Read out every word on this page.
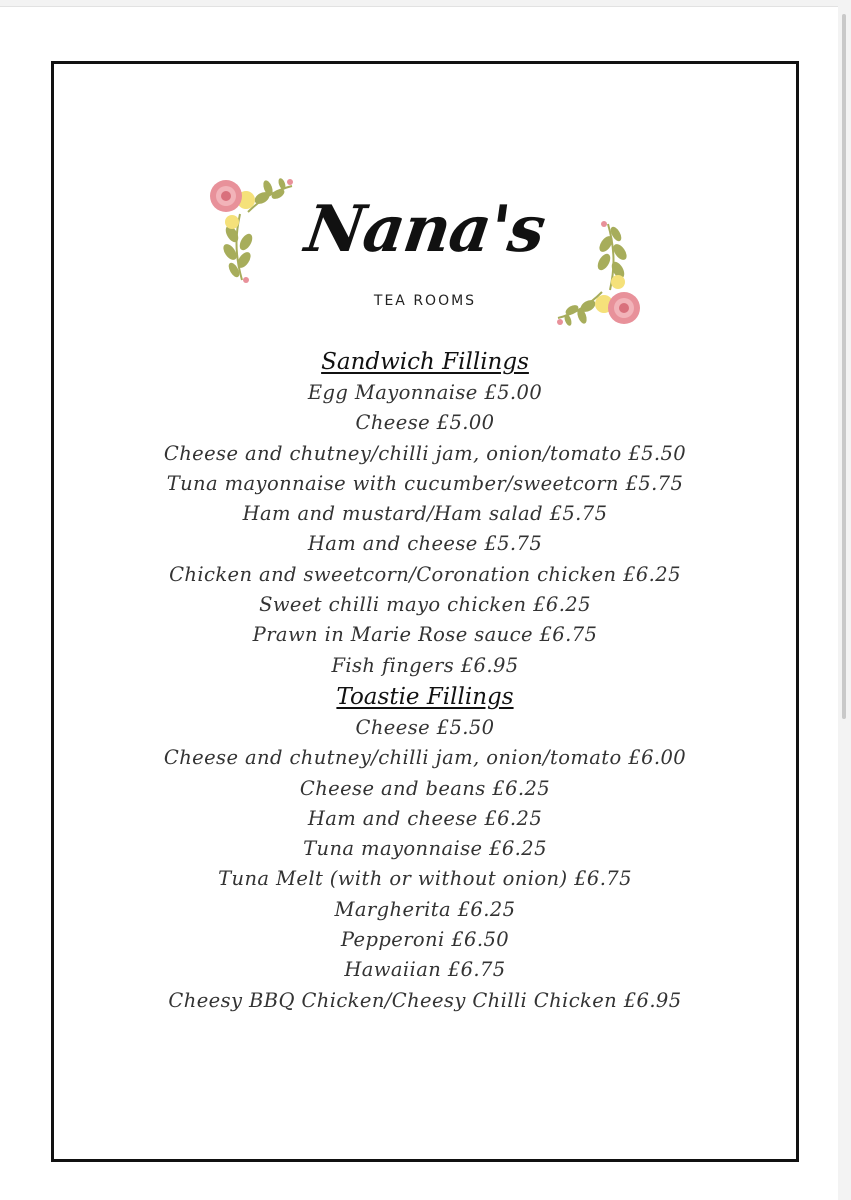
Nana's
TEA ROOMS
Sandwich Fillings
Egg Mayonnaise £5.00
Cheese £5.00
Cheese and chutney/chilli jam, onion/tomato £5.50
Tuna mayonnaise with cucumber/sweetcorn £5.75
Ham and mustard/Ham salad £5.75
Ham and cheese £5.75
Chicken and sweetcorn/Coronation chicken £6.25
Sweet chilli mayo chicken £6.25
Prawn in Marie Rose sauce £6.75
Fish fingers £6.95
Toastie Fillings
Cheese £5.50
Cheese and chutney/chilli jam, onion/tomato £6.00
Cheese and beans £6.25
Ham and cheese £6.25
Tuna mayonnaise £6.25
Tuna Melt (with or without onion) £6.75
Margherita £6.25
Pepperoni £6.50
Hawaiian £6.75
Cheesy BBQ Chicken/Cheesy Chilli Chicken £6.95
